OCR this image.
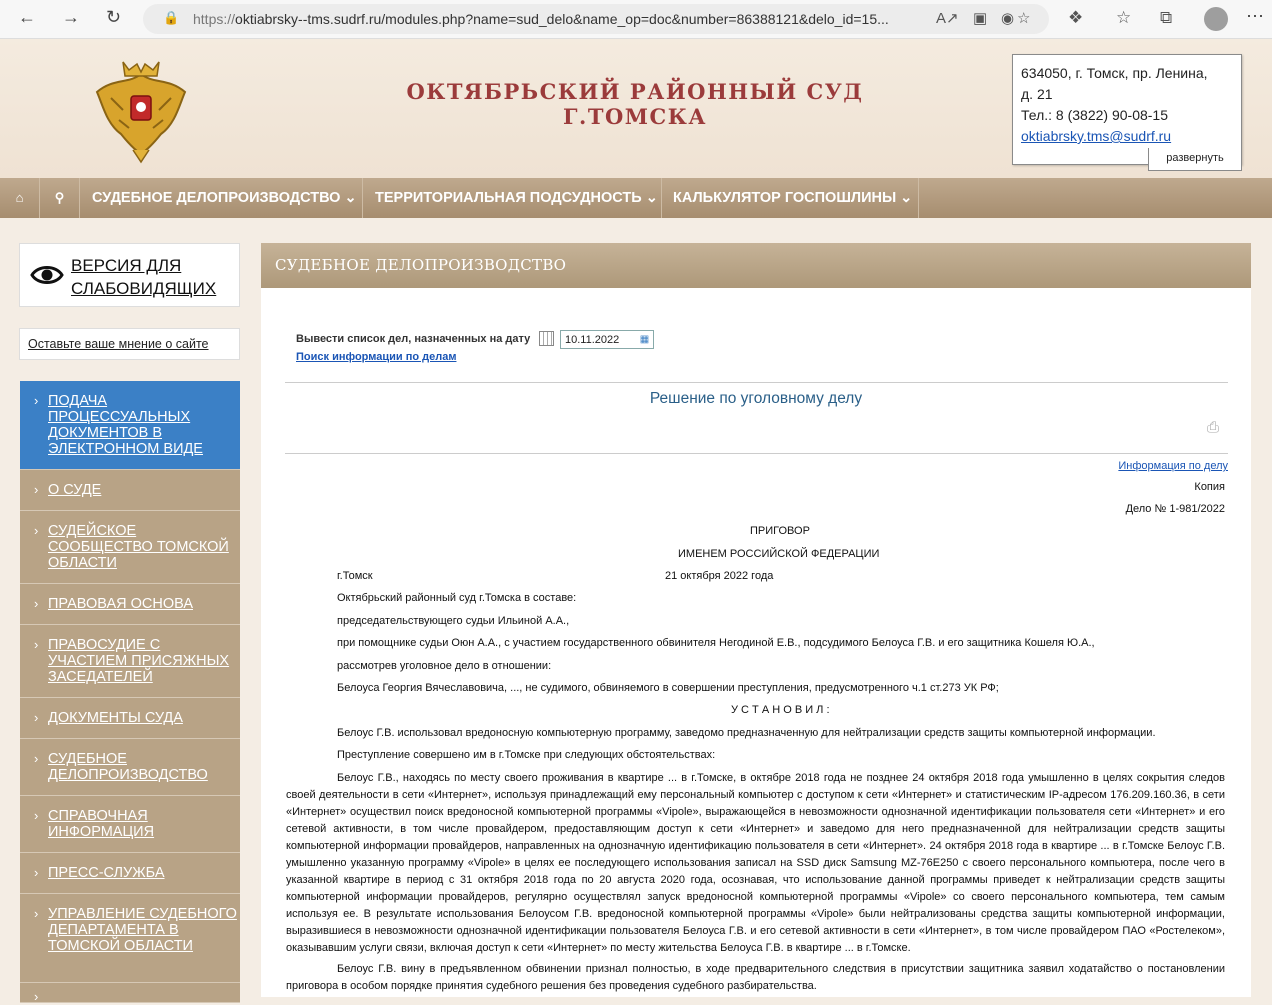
← → ↻	🔒 https://oktiabrsky--tms.sudrf.ru/modules.php?name=sud_delo&name_op=doc&number=86388121&delo_id=15...	A↗ ▣ ◉ ☆ ❖ ☆ ⧉	⋯
ОКТЯБРЬСКИЙ РАЙОННЫЙ СУД
Г.ТОМСКА
634050, г. Томск, пр. Ленина,
д. 21
Тел.: 8 (3822) 90-08-15
oktiabrsky.tms@sudrf.ru
развернуть
⌂	⚲	СУДЕБНОЕ ДЕЛОПРОИЗВОДСТВО ⌄	ТЕРРИТОРИАЛЬНАЯ ПОДСУДНОСТЬ ⌄	КАЛЬКУЛЯТОР ГОСПОШЛИНЫ ⌄
ВЕРСИЯ ДЛЯ
СЛАБОВИДЯЩИХ
Оставьте ваше мнение о сайте
› ПОДАЧА ПРОЦЕССУАЛЬНЫХ ДОКУМЕНТОВ В ЭЛЕКТРОННОМ ВИДЕ
› О СУДЕ
› СУДЕЙСКОЕ СООБЩЕСТВО ТОМСКОЙ ОБЛАСТИ
› ПРАВОВАЯ ОСНОВА
› ПРАВОСУДИЕ С УЧАСТИЕМ ПРИСЯЖНЫХ ЗАСЕДАТЕЛЕЙ
› ДОКУМЕНТЫ СУДА
› СУДЕБНОЕ ДЕЛОПРОИЗВОДСТВО
› СПРАВОЧНАЯ ИНФОРМАЦИЯ
› ПРЕСС-СЛУЖБА
› УПРАВЛЕНИЕ СУДЕБНОГО ДЕПАРТАМЕНТА В ТОМСКОЙ ОБЛАСТИ
›
СУДЕБНОЕ ДЕЛОПРОИЗВОДСТВО
Вывести список дел, назначенных на дату	10.11.2022	▦
Поиск информации по делам
Решение по уголовному делу
⎙
Информация по делу
Копия
Дело № 1-981/2022
ПРИГОВОР
ИМЕНЕМ РОССИЙСКОЙ ФЕДЕРАЦИИ
г.Томск	21 октября 2022 года
Октябрьский районный суд г.Томска в составе:
председательствующего судьи Ильиной А.А.,
при помощнике судьи Оюн А.А., с участием государственного обвинителя Негодиной Е.В., подсудимого Белоуса Г.В. и его защитника Кошеля Ю.А.,
рассмотрев уголовное дело в отношении:
Белоуса Георгия Вячеславовича, ..., не судимого, обвиняемого в совершении преступления, предусмотренного ч.1 ст.273 УК РФ;
У С Т А Н О В И Л :
Белоус Г.В. использовал вредоносную компьютерную программу, заведомо предназначенную для нейтрализации средств защиты компьютерной информации.
Преступление совершено им в г.Томске при следующих обстоятельствах:
Белоус Г.В., находясь по месту своего проживания в квартире ... в г.Томске, в октябре 2018 года не позднее 24 октября 2018 года умышленно в целях сокрытия следов своей деятельности в сети «Интернет», используя принадлежащий ему персональный компьютер с доступом к сети «Интернет» и статистическим IP-адресом 176.209.160.36, в сети «Интернет» осуществил поиск вредоносной компьютерной программы «Vipole», выражающейся в невозможности однозначной идентификации пользователя сети «Интернет» и его сетевой активности, в том числе провайдером, предоставляющим доступ к сети «Интернет» и заведомо для него предназначенной для нейтрализации средств защиты компьютерной информации провайдеров, направленных на однозначную идентификацию пользователя в сети «Интернет». 24 октября 2018 года в квартире ... в г.Томске Белоус Г.В. умышленно указанную программу «Vipole» в целях ее последующего использования записал на SSD диск Samsung MZ-76E250 с своего персонального компьютера, после чего в указанной квартире в период с 31 октября 2018 года по 20 августа 2020 года, осознавая, что использование данной программы приведет к нейтрализации средств защиты компьютерной информации провайдеров, регулярно осуществлял запуск вредоносной компьютерной программы «Vipole» со своего персонального компьютера, тем самым используя ее. В результате использования Белоусом Г.В. вредоносной компьютерной программы «Vipole» были нейтрализованы средства защиты компьютерной информации, выразившиеся в невозможности однозначной идентификации пользователя Белоуса Г.В. и его сетевой активности в сети «Интернет», в том числе провайдером ПАО «Ростелеком», оказывавшим услуги связи, включая доступ к сети «Интернет» по месту жительства Белоуса Г.В. в квартире ... в г.Томске.
Белоус Г.В. вину в предъявленном обвинении признал полностью, в ходе предварительного следствия в присутствии защитника заявил ходатайство о постановлении приговора в особом порядке принятия судебного решения без проведения судебного разбирательства.
